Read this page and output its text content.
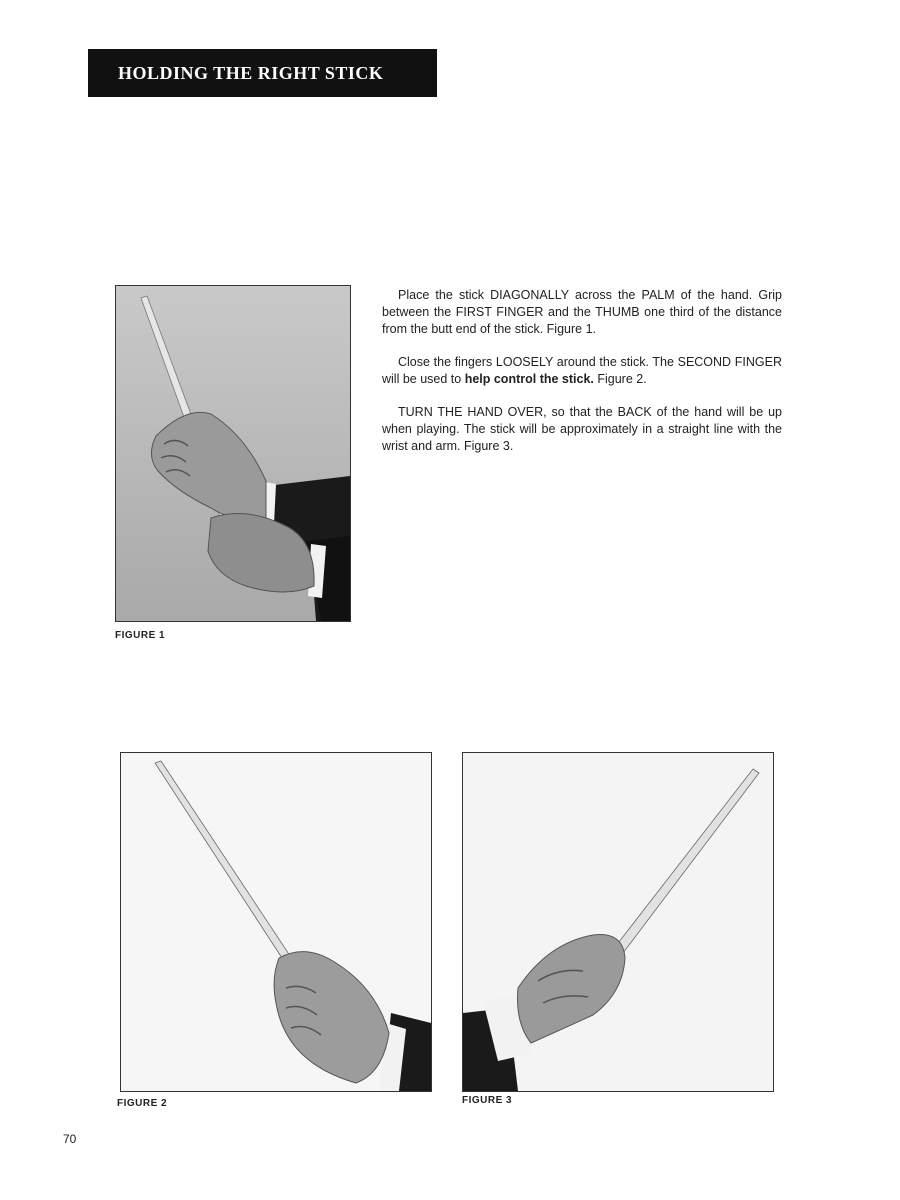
HOLDING THE RIGHT STICK
FIGURE 1

Place the stick DIAGONALLY across the PALM of the hand. Grip between the FIRST FINGER and the THUMB one third of the distance from the butt end of the stick. Figure 1.

Close the fingers LOOSELY around the stick. The SECOND FINGER will be used to help control the stick. Figure 2.

TURN THE HAND OVER, so that the BACK of the hand will be up when playing. The stick will be approximately in a straight line with the wrist and arm. Figure 3.

FIGURE 2	FIGURE 3
70
